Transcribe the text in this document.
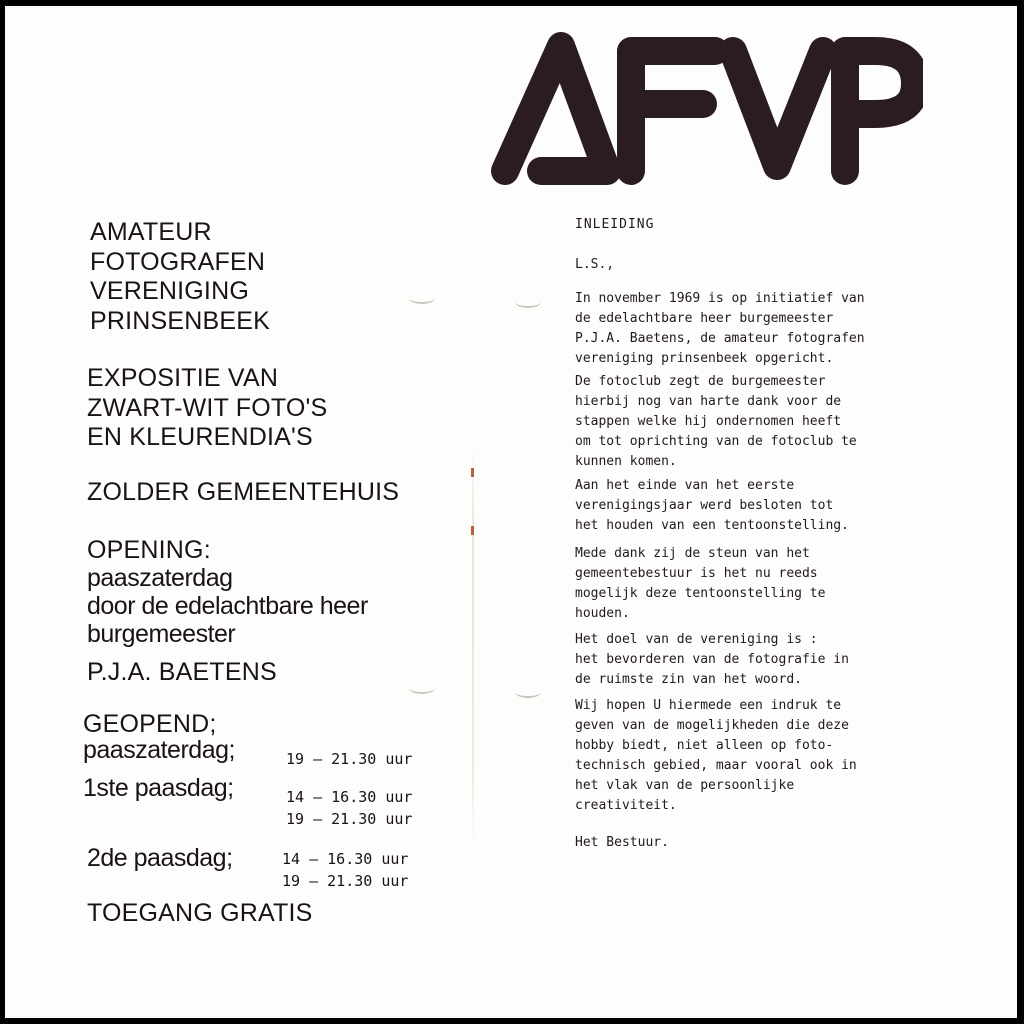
AMATEUR
FOTOGRAFEN
VERENIGING
PRINSENBEEK
EXPOSITIE VAN
ZWART-WIT FOTO'S
EN KLEURENDIA'S
ZOLDER GEMEENTEHUIS
OPENING:
paaszaterdag
door de edelachtbare heer
burgemeester
P.J.A. BAETENS
GEOPEND;
paaszaterdag;	19 – 21.30 uur
1ste paasdag;	14 – 16.30 uur
19 – 21.30 uur
2de paasdag;	14 – 16.30 uur
19 – 21.30 uur
TOEGANG GRATIS
INLEIDING
L.S.,
In november 1969 is op initiatief van
de edelachtbare heer burgemeester
P.J.A. Baetens, de amateur fotografen
vereniging prinsenbeek opgericht.
De fotoclub zegt de burgemeester
hierbij nog van harte dank voor de
stappen welke hij ondernomen heeft
om tot oprichting van de fotoclub te
kunnen komen.
Aan het einde van het eerste
verenigingsjaar werd besloten tot
het houden van een tentoonstelling.
Mede dank zij de steun van het
gemeentebestuur is het nu reeds
mogelijk deze tentoonstelling te
houden.
Het doel van de vereniging is :
het bevorderen van de fotografie in
de ruimste zin van het woord.
Wij hopen U hiermede een indruk te
geven van de mogelijkheden die deze
hobby biedt, niet alleen op foto-
technisch gebied, maar vooral ook in
het vlak van de persoonlijke
creativiteit.
Het Bestuur.
